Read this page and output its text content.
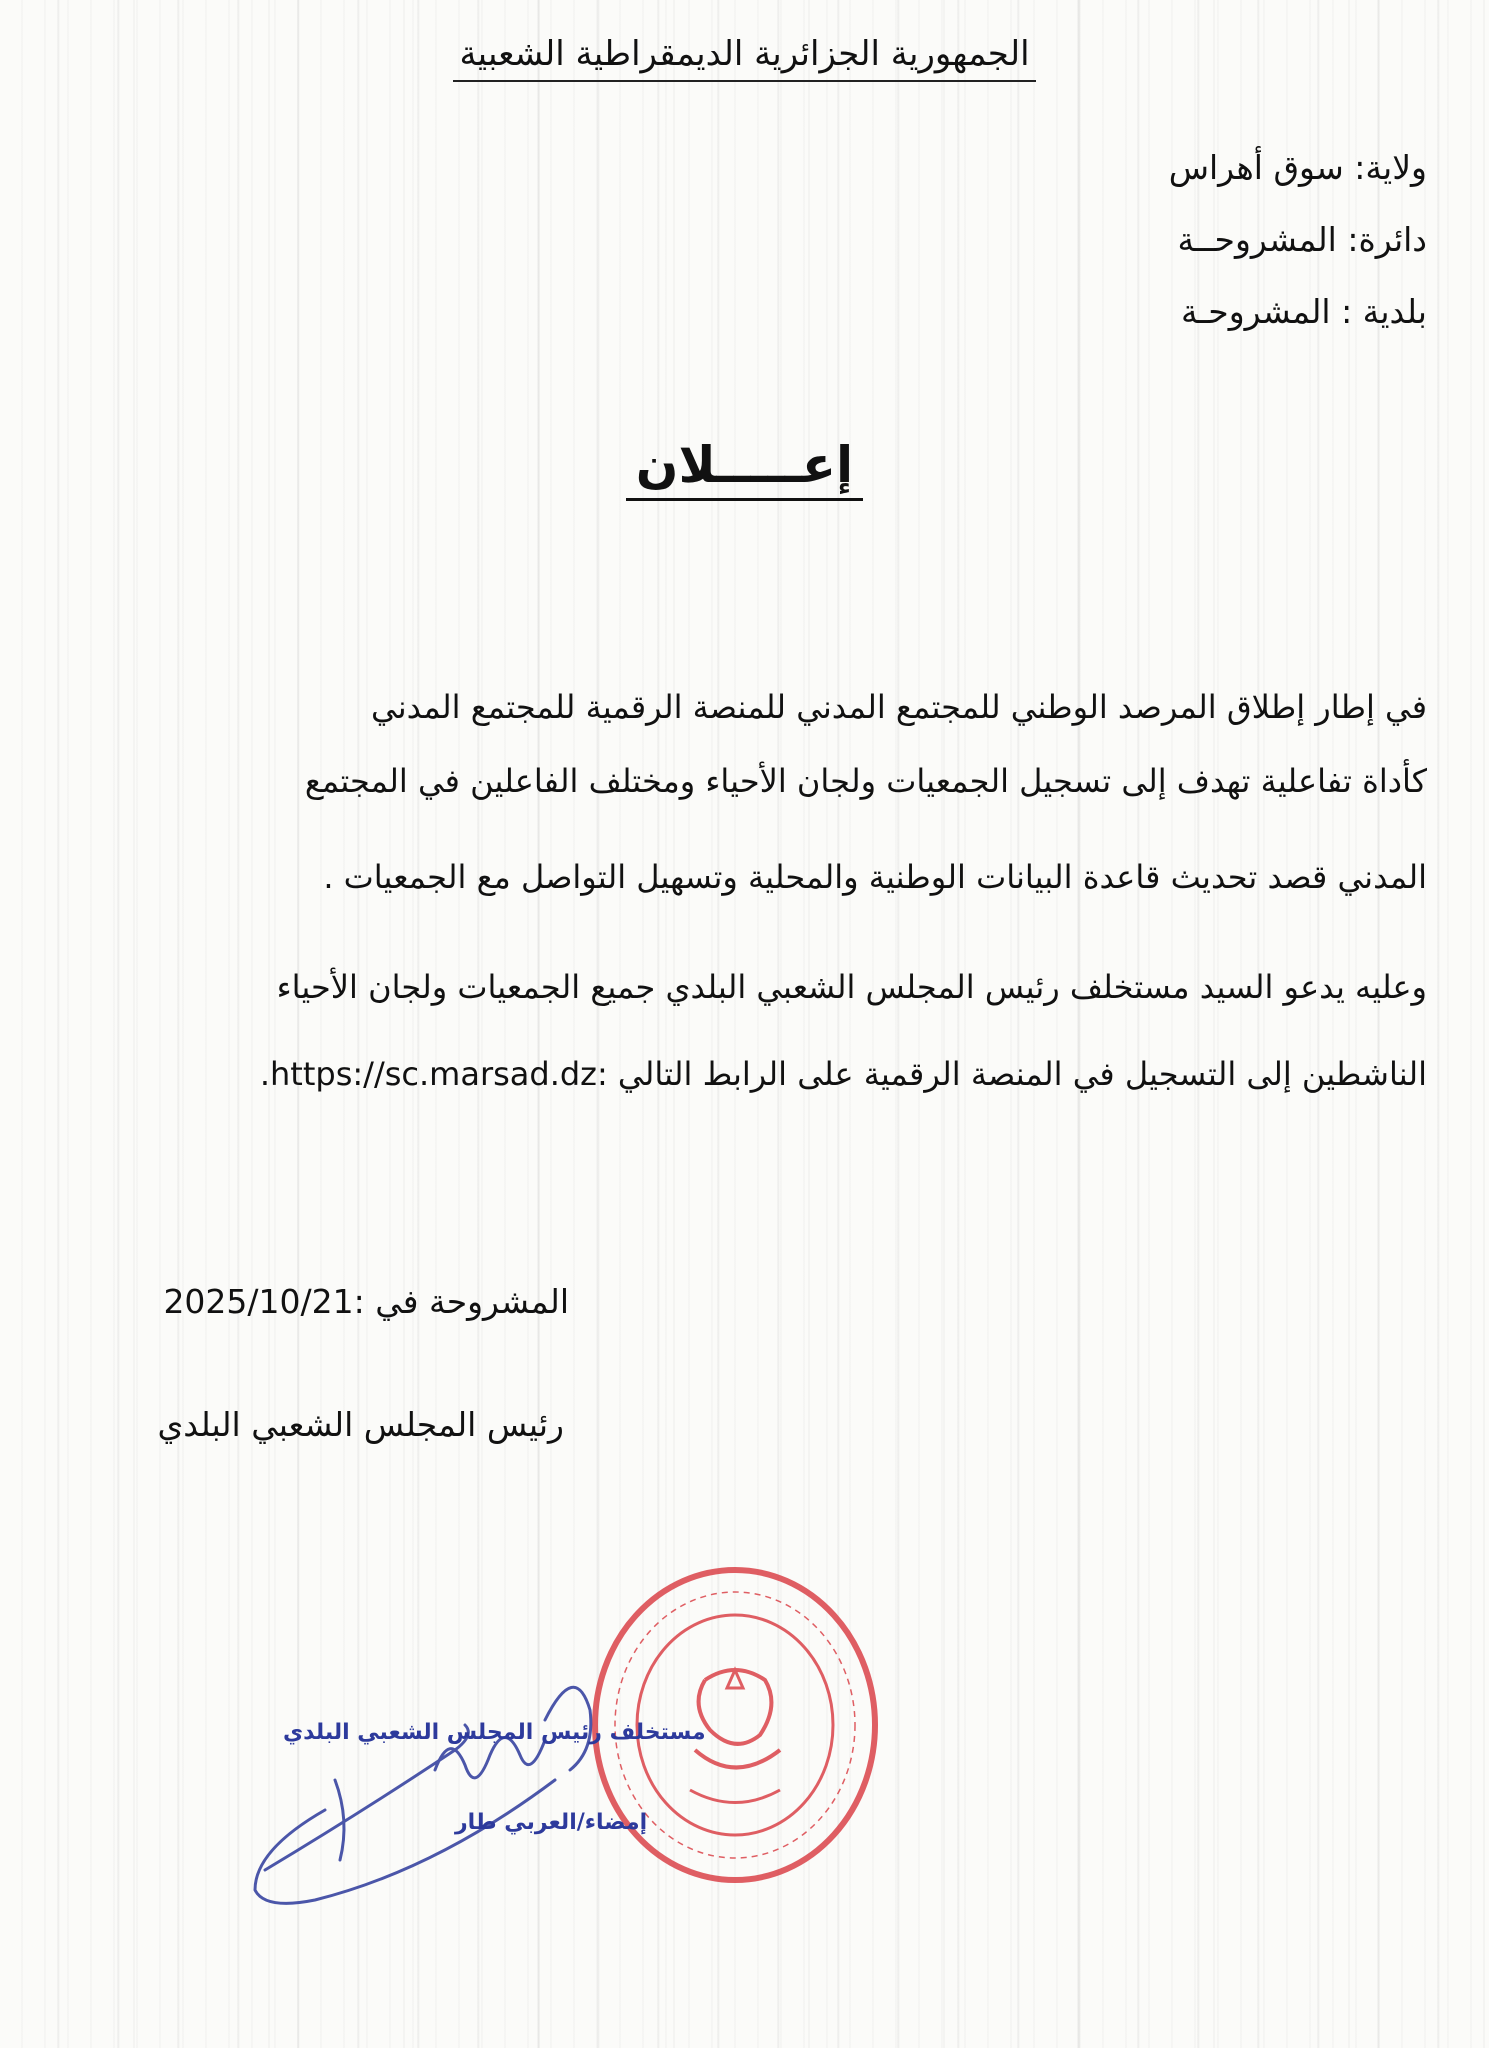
الجمهورية الجزائرية الديمقراطية الشعبية
ولاية: سوق أهراس
دائرة: المشروحــة
بلدية : المشروحـة
إعـــــلان
في إطار إطلاق المرصد الوطني للمجتمع المدني للمنصة الرقمية للمجتمع المدني
كأداة تفاعلية تهدف إلى تسجيل الجمعيات ولجان الأحياء ومختلف الفاعلين في المجتمع
المدني قصد تحديث قاعدة البيانات الوطنية والمحلية وتسهيل التواصل مع الجمعيات .
وعليه يدعو السيد مستخلف رئيس المجلس الشعبي البلدي جميع الجمعيات ولجان الأحياء
الناشطين إلى التسجيل في المنصة الرقمية على الرابط التالي :https://sc.marsad.dz.
المشروحة في :2025/10/21
رئيس المجلس الشعبي البلدي
مستخلف رئيس المجلس الشعبي البلدي
إمضاء/العربي طار
